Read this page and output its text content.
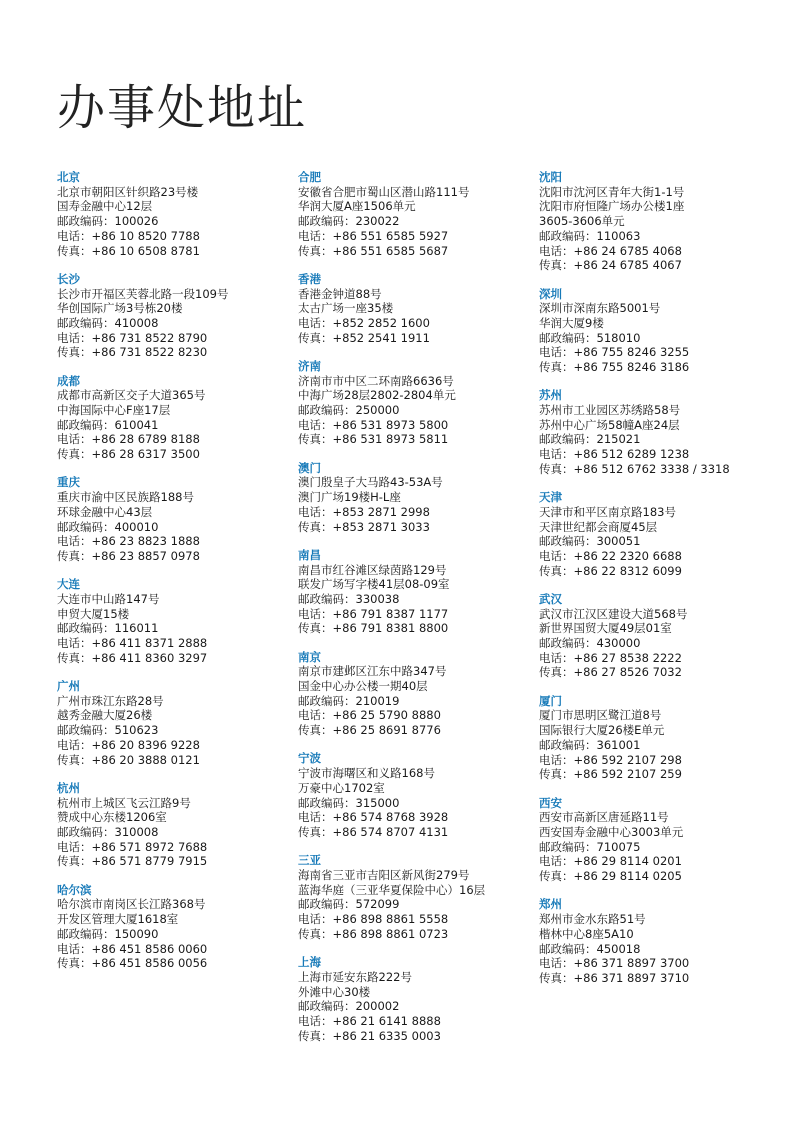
办事处地址
北京
北京市朝阳区针织路23号楼
国寿金融中心12层
邮政编码：100026
电话：+86 10 8520 7788
传真：+86 10 6508 8781
长沙
长沙市开福区芙蓉北路一段109号
华创国际广场3号栋20楼
邮政编码：410008
电话：+86 731 8522 8790
传真：+86 731 8522 8230
成都
成都市高新区交子大道365号
中海国际中心F座17层
邮政编码：610041
电话：+86 28 6789 8188
传真：+86 28 6317 3500
重庆
重庆市渝中区民族路188号
环球金融中心43层
邮政编码：400010
电话：+86 23 8823 1888
传真：+86 23 8857 0978
大连
大连市中山路147号
申贸大厦15楼
邮政编码：116011
电话：+86 411 8371 2888
传真：+86 411 8360 3297
广州
广州市珠江东路28号
越秀金融大厦26楼
邮政编码：510623
电话：+86 20 8396 9228
传真：+86 20 3888 0121
杭州
杭州市上城区飞云江路9号
赞成中心东楼1206室
邮政编码：310008
电话：+86 571 8972 7688
传真：+86 571 8779 7915
哈尔滨
哈尔滨市南岗区长江路368号
开发区管理大厦1618室
邮政编码：150090
电话：+86 451 8586 0060
传真：+86 451 8586 0056
合肥
安徽省合肥市蜀山区潜山路111号
华润大厦A座1506单元
邮政编码：230022
电话：+86 551 6585 5927
传真：+86 551 6585 5687
香港
香港金钟道88号
太古广场一座35楼
电话：+852 2852 1600
传真：+852 2541 1911
济南
济南市市中区二环南路6636号
中海广场28层2802-2804单元
邮政编码：250000
电话：+86 531 8973 5800
传真：+86 531 8973 5811
澳门
澳门殷皇子大马路43-53A号
澳门广场19楼H-L座
电话：+853 2871 2998
传真：+853 2871 3033
南昌
南昌市红谷滩区绿茵路129号
联发广场写字楼41层08-09室
邮政编码：330038
电话：+86 791 8387 1177
传真：+86 791 8381 8800
南京
南京市建邺区江东中路347号
国金中心办公楼一期40层
邮政编码：210019
电话：+86 25 5790 8880
传真：+86 25 8691 8776
宁波
宁波市海曙区和义路168号
万豪中心1702室
邮政编码：315000
电话：+86 574 8768 3928
传真：+86 574 8707 4131
三亚
海南省三亚市吉阳区新风街279号
蓝海华庭（三亚华夏保险中心）16层
邮政编码：572099
电话：+86 898 8861 5558
传真：+86 898 8861 0723
上海
上海市延安东路222号
外滩中心30楼
邮政编码：200002
电话：+86 21 6141 8888
传真：+86 21 6335 0003
沈阳
沈阳市沈河区青年大街1-1号
沈阳市府恒隆广场办公楼1座
3605-3606单元
邮政编码：110063
电话：+86 24 6785 4068
传真：+86 24 6785 4067
深圳
深圳市深南东路5001号
华润大厦9楼
邮政编码：518010
电话：+86 755 8246 3255
传真：+86 755 8246 3186
苏州
苏州市工业园区苏绣路58号
苏州中心广场58幢A座24层
邮政编码：215021
电话：+86 512 6289 1238
传真：+86 512 6762 3338 / 3318
天津
天津市和平区南京路183号
天津世纪都会商厦45层
邮政编码：300051
电话：+86 22 2320 6688
传真：+86 22 8312 6099
武汉
武汉市江汉区建设大道568号
新世界国贸大厦49层01室
邮政编码：430000
电话：+86 27 8538 2222
传真：+86 27 8526 7032
厦门
厦门市思明区鹭江道8号
国际银行大厦26楼E单元
邮政编码：361001
电话：+86 592 2107 298
传真：+86 592 2107 259
西安
西安市高新区唐延路11号
西安国寿金融中心3003单元
邮政编码：710075
电话：+86 29 8114 0201
传真：+86 29 8114 0205
郑州
郑州市金水东路51号
楷林中心8座5A10
邮政编码：450018
电话：+86 371 8897 3700
传真：+86 371 8897 3710
